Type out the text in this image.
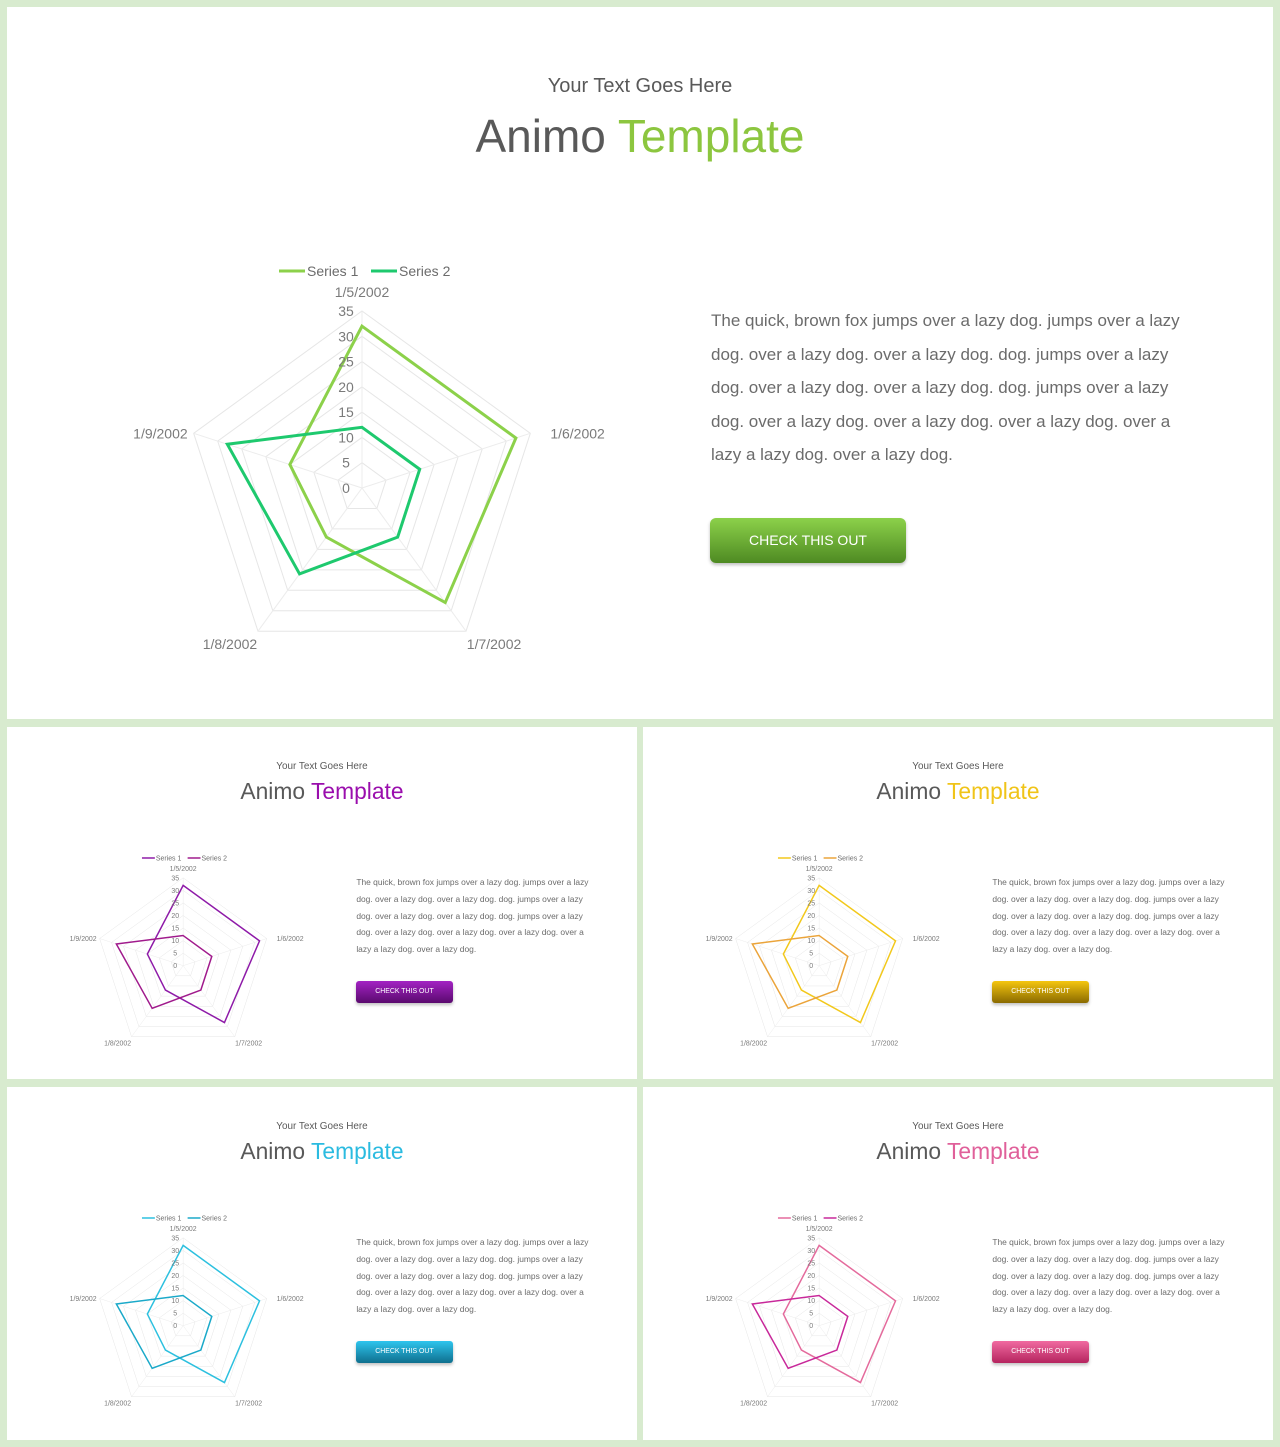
Your Text Goes Here
Animo Template
0
5
10
15
20
25
30
35
1/5/2002
1/6/2002
1/7/2002
1/8/2002
1/9/2002
Series 1	Series 2
The quick, brown fox jumps over a lazy dog. jumps over a lazy dog. over a lazy dog. over a lazy dog. dog. jumps over a lazy dog. over a lazy dog. over a lazy dog. dog. jumps over a lazy dog. over a lazy dog. over a lazy dog. over a lazy dog. over a lazy a lazy dog. over a lazy dog.
CHECK THIS OUT
Your Text Goes Here
Animo Template
0
5
10
15
20
25
30
35
1/5/2002
1/6/2002
1/7/2002
1/8/2002
1/9/2002
Series 1	Series 2
The quick, brown fox jumps over a lazy dog. jumps over a lazy dog. over a lazy dog. over a lazy dog. dog. jumps over a lazy dog. over a lazy dog. over a lazy dog. dog. jumps over a lazy dog. over a lazy dog. over a lazy dog. over a lazy dog. over a lazy a lazy dog. over a lazy dog.
CHECK THIS OUT
Your Text Goes Here
Animo Template
0
5
10
15
20
25
30
35
1/5/2002
1/6/2002
1/7/2002
1/8/2002
1/9/2002
Series 1	Series 2
The quick, brown fox jumps over a lazy dog. jumps over a lazy dog. over a lazy dog. over a lazy dog. dog. jumps over a lazy dog. over a lazy dog. over a lazy dog. dog. jumps over a lazy dog. over a lazy dog. over a lazy dog. over a lazy dog. over a lazy a lazy dog. over a lazy dog.
CHECK THIS OUT
Your Text Goes Here
Animo Template
0
5
10
15
20
25
30
35
1/5/2002
1/6/2002
1/7/2002
1/8/2002
1/9/2002
Series 1	Series 2
The quick, brown fox jumps over a lazy dog. jumps over a lazy dog. over a lazy dog. over a lazy dog. dog. jumps over a lazy dog. over a lazy dog. over a lazy dog. dog. jumps over a lazy dog. over a lazy dog. over a lazy dog. over a lazy dog. over a lazy a lazy dog. over a lazy dog.
CHECK THIS OUT
Your Text Goes Here
Animo Template
0
5
10
15
20
25
30
35
1/5/2002
1/6/2002
1/7/2002
1/8/2002
1/9/2002
Series 1	Series 2
The quick, brown fox jumps over a lazy dog. jumps over a lazy dog. over a lazy dog. over a lazy dog. dog. jumps over a lazy dog. over a lazy dog. over a lazy dog. dog. jumps over a lazy dog. over a lazy dog. over a lazy dog. over a lazy dog. over a lazy a lazy dog. over a lazy dog.
CHECK THIS OUT
